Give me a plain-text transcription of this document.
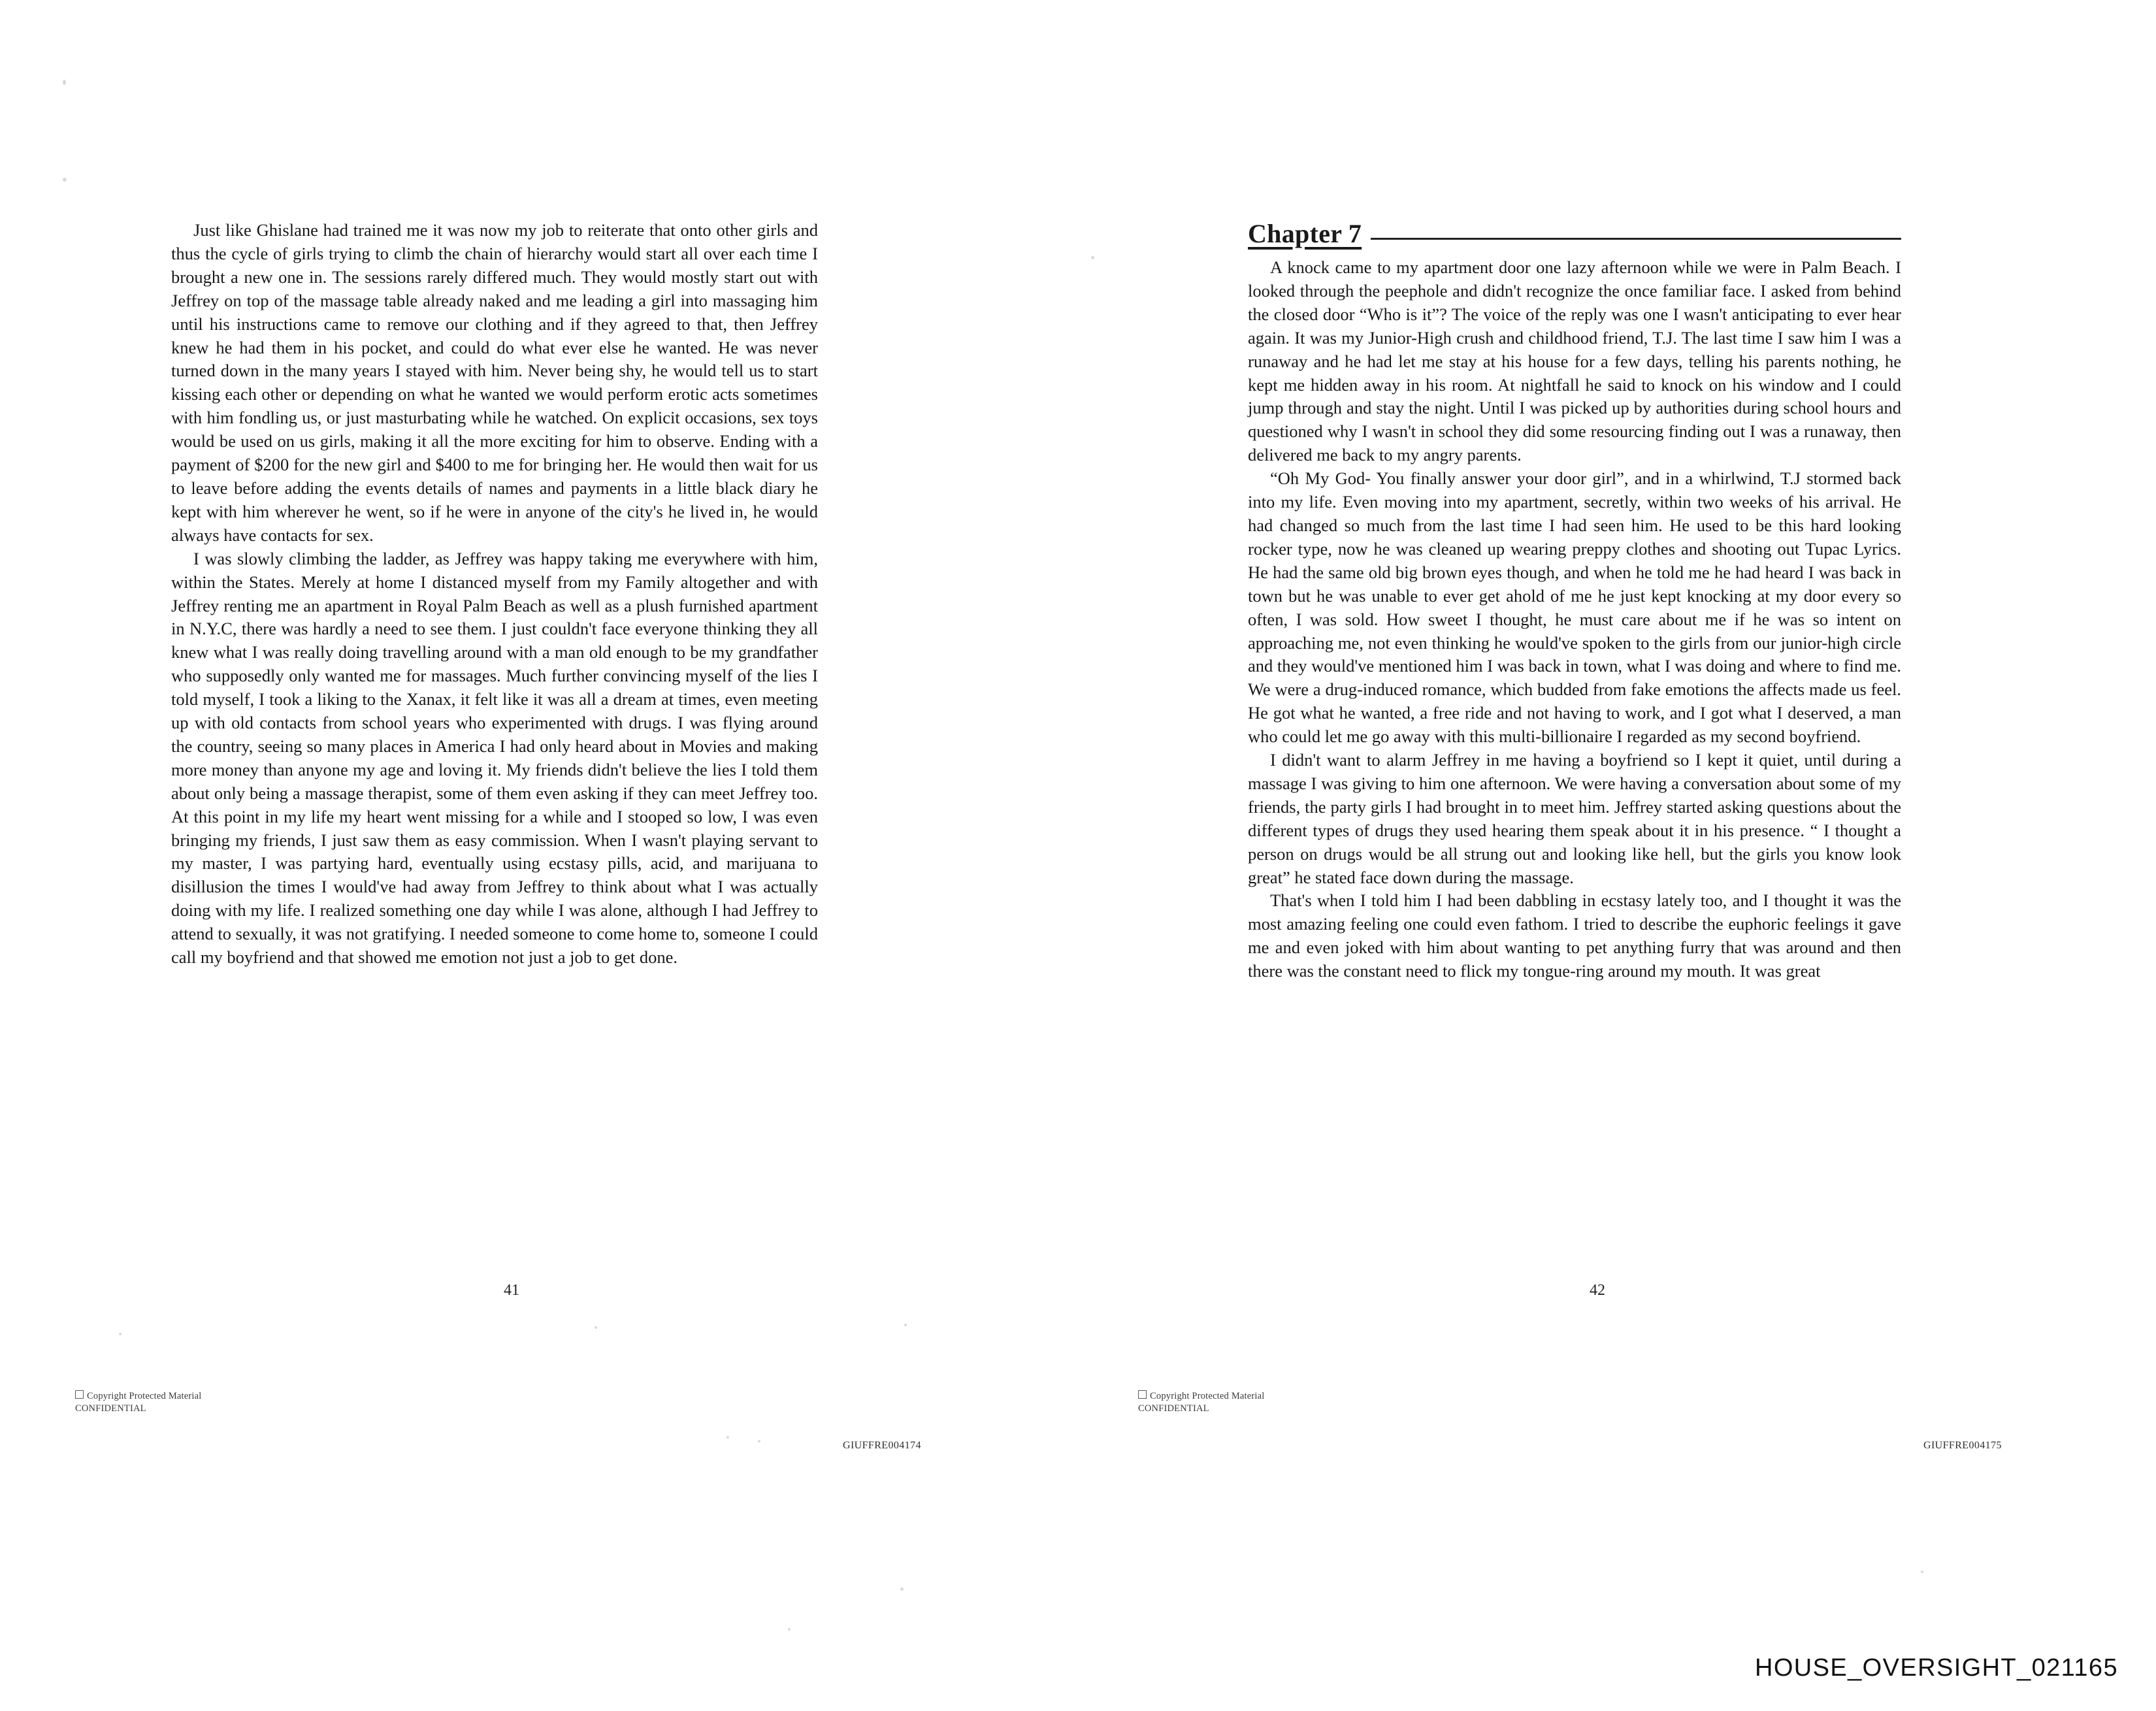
Just like Ghislane had trained me it was now my job to reiterate that onto other girls and thus the cycle of girls trying to climb the chain of hierarchy would start all over each time I brought a new one in. The sessions rarely differed much. They would mostly start out with Jeffrey on top of the massage table already naked and me leading a girl into massaging him until his instructions came to remove our clothing and if they agreed to that, then Jeffrey knew he had them in his pocket, and could do what ever else he wanted. He was never turned down in the many years I stayed with him. Never being shy, he would tell us to start kissing each other or depending on what he wanted we would perform erotic acts sometimes with him fondling us, or just masturbating while he watched. On explicit occasions, sex toys would be used on us girls, making it all the more exciting for him to observe. Ending with a payment of $200 for the new girl and $400 to me for bringing her. He would then wait for us to leave before adding the events details of names and payments in a little black diary he kept with him wherever he went, so if he were in anyone of the city's he lived in, he would always have contacts for sex.

I was slowly climbing the ladder, as Jeffrey was happy taking me everywhere with him, within the States. Merely at home I distanced myself from my Family altogether and with Jeffrey renting me an apartment in Royal Palm Beach as well as a plush furnished apartment in N.Y.C, there was hardly a need to see them. I just couldn't face everyone thinking they all knew what I was really doing travelling around with a man old enough to be my grandfather who supposedly only wanted me for massages. Much further convincing myself of the lies I told myself, I took a liking to the Xanax, it felt like it was all a dream at times, even meeting up with old contacts from school years who experimented with drugs. I was flying around the country, seeing so many places in America I had only heard about in Movies and making more money than anyone my age and loving it. My friends didn't believe the lies I told them about only being a massage therapist, some of them even asking if they can meet Jeffrey too. At this point in my life my heart went missing for a while and I stooped so low, I was even bringing my friends, I just saw them as easy commission. When I wasn't playing servant to my master, I was partying hard, eventually using ecstasy pills, acid, and marijuana to disillusion the times I would've had away from Jeffrey to think about what I was actually doing with my life. I realized something one day while I was alone, although I had Jeffrey to attend to sexually, it was not gratifying. I needed someone to come home to, someone I could call my boyfriend and that showed me emotion not just a job to get done.

41
Copyright Protected Material
CONFIDENTIAL
GIUFFRE004174
Chapter 7

A knock came to my apartment door one lazy afternoon while we were in Palm Beach. I looked through the peephole and didn't recognize the once familiar face. I asked from behind the closed door “Who is it”? The voice of the reply was one I wasn't anticipating to ever hear again. It was my Junior-High crush and childhood friend, T.J. The last time I saw him I was a runaway and he had let me stay at his house for a few days, telling his parents nothing, he kept me hidden away in his room. At nightfall he said to knock on his window and I could jump through and stay the night. Until I was picked up by authorities during school hours and questioned why I wasn't in school they did some resourcing finding out I was a runaway, then delivered me back to my angry parents.

“Oh My God- You finally answer your door girl”, and in a whirlwind, T.J stormed back into my life. Even moving into my apartment, secretly, within two weeks of his arrival. He had changed so much from the last time I had seen him. He used to be this hard looking rocker type, now he was cleaned up wearing preppy clothes and shooting out Tupac Lyrics. He had the same old big brown eyes though, and when he told me he had heard I was back in town but he was unable to ever get ahold of me he just kept knocking at my door every so often, I was sold. How sweet I thought, he must care about me if he was so intent on approaching me, not even thinking he would've spoken to the girls from our junior-high circle and they would've mentioned him I was back in town, what I was doing and where to find me. We were a drug-induced romance, which budded from fake emotions the affects made us feel. He got what he wanted, a free ride and not having to work, and I got what I deserved, a man who could let me go away with this multi-billionaire I regarded as my second boyfriend.

I didn't want to alarm Jeffrey in me having a boyfriend so I kept it quiet, until during a massage I was giving to him one afternoon. We were having a conversation about some of my friends, the party girls I had brought in to meet him. Jeffrey started asking questions about the different types of drugs they used hearing them speak about it in his presence. “ I thought a person on drugs would be all strung out and looking like hell, but the girls you know look great” he stated face down during the massage.

That's when I told him I had been dabbling in ecstasy lately too, and I thought it was the most amazing feeling one could even fathom. I tried to describe the euphoric feelings it gave me and even joked with him about wanting to pet anything furry that was around and then there was the constant need to flick my tongue-ring around my mouth. It was great

42
Copyright Protected Material
CONFIDENTIAL
GIUFFRE004175
HOUSE_OVERSIGHT_021165
